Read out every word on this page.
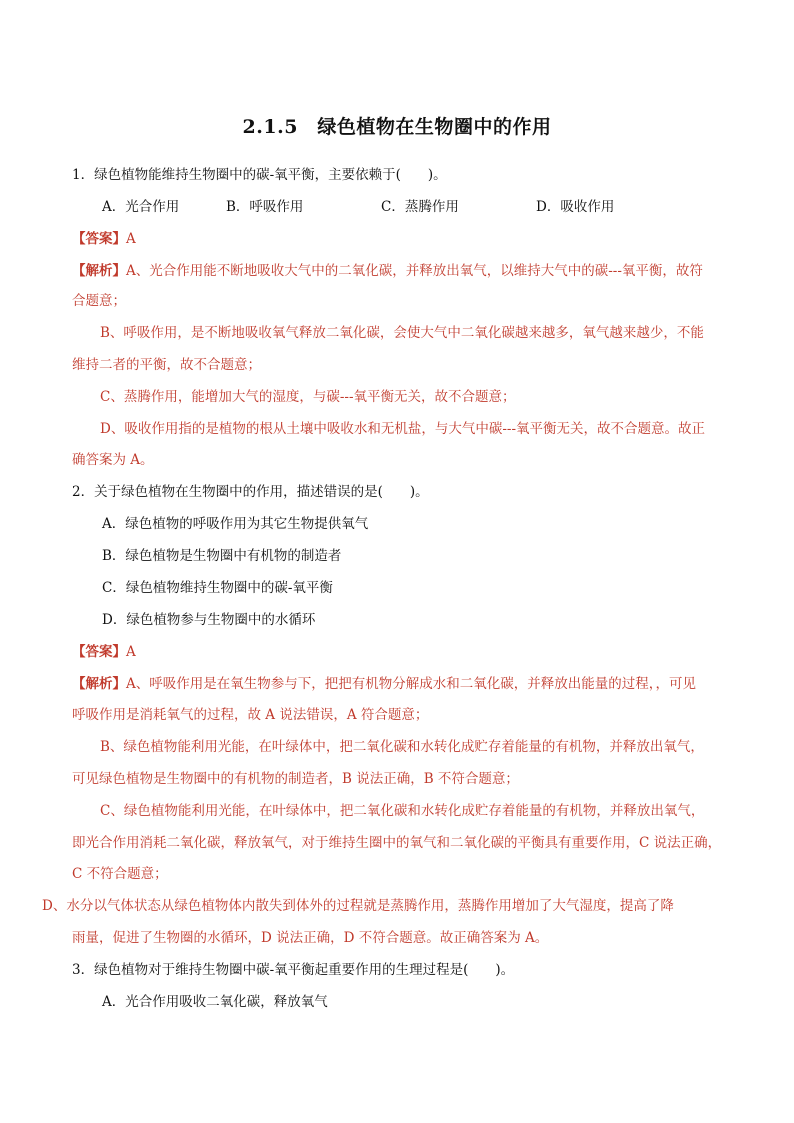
2.1.5　绿色植物在生物圈中的作用
1．绿色植物能维持生物圈中的碳-氧平衡，主要依赖于(　　)。
A．光合作用	B．呼吸作用	C．蒸腾作用	D．吸收作用
【答案】A
【解析】A、光合作用能不断地吸收大气中的二氧化碳，并释放出氧气，以维持大气中的碳---氧平衡，故符
合题意；
B、呼吸作用，是不断地吸收氧气释放二氧化碳，会使大气中二氧化碳越来越多，氧气越来越少，不能
维持二者的平衡，故不合题意；
C、蒸腾作用，能增加大气的湿度，与碳---氧平衡无关，故不合题意；
D、吸收作用指的是植物的根从土壤中吸收水和无机盐，与大气中碳---氧平衡无关，故不合题意。故正
确答案为 A。
2．关于绿色植物在生物圈中的作用，描述错误的是(　　)。
A．绿色植物的呼吸作用为其它生物提供氧气
B．绿色植物是生物圈中有机物的制造者
C．绿色植物维持生物圈中的碳-氧平衡
D．绿色植物参与生物圈中的水循环
【答案】A
【解析】A、呼吸作用是在氧生物参与下，把把有机物分解成水和二氧化碳，并释放出能量的过程，，可见
呼吸作用是消耗氧气的过程，故 A 说法错误，A 符合题意；
B、绿色植物能利用光能，在叶绿体中，把二氧化碳和水转化成贮存着能量的有机物，并释放出氧气，
可见绿色植物是生物圈中的有机物的制造者，B 说法正确，B 不符合题意；
C、绿色植物能利用光能，在叶绿体中，把二氧化碳和水转化成贮存着能量的有机物，并释放出氧气，
即光合作用消耗二氧化碳，释放氧气，对于维持生圈中的氧气和二氧化碳的平衡具有重要作用，C 说法正确，
C 不符合题意；
D、水分以气体状态从绿色植物体内散失到体外的过程就是蒸腾作用，蒸腾作用增加了大气湿度，提高了降
雨量，促进了生物圈的水循环，D 说法正确，D 不符合题意。故正确答案为 A。
3．绿色植物对于维持生物圈中碳-氧平衡起重要作用的生理过程是(　　)。
A．光合作用吸收二氧化碳，释放氧气
